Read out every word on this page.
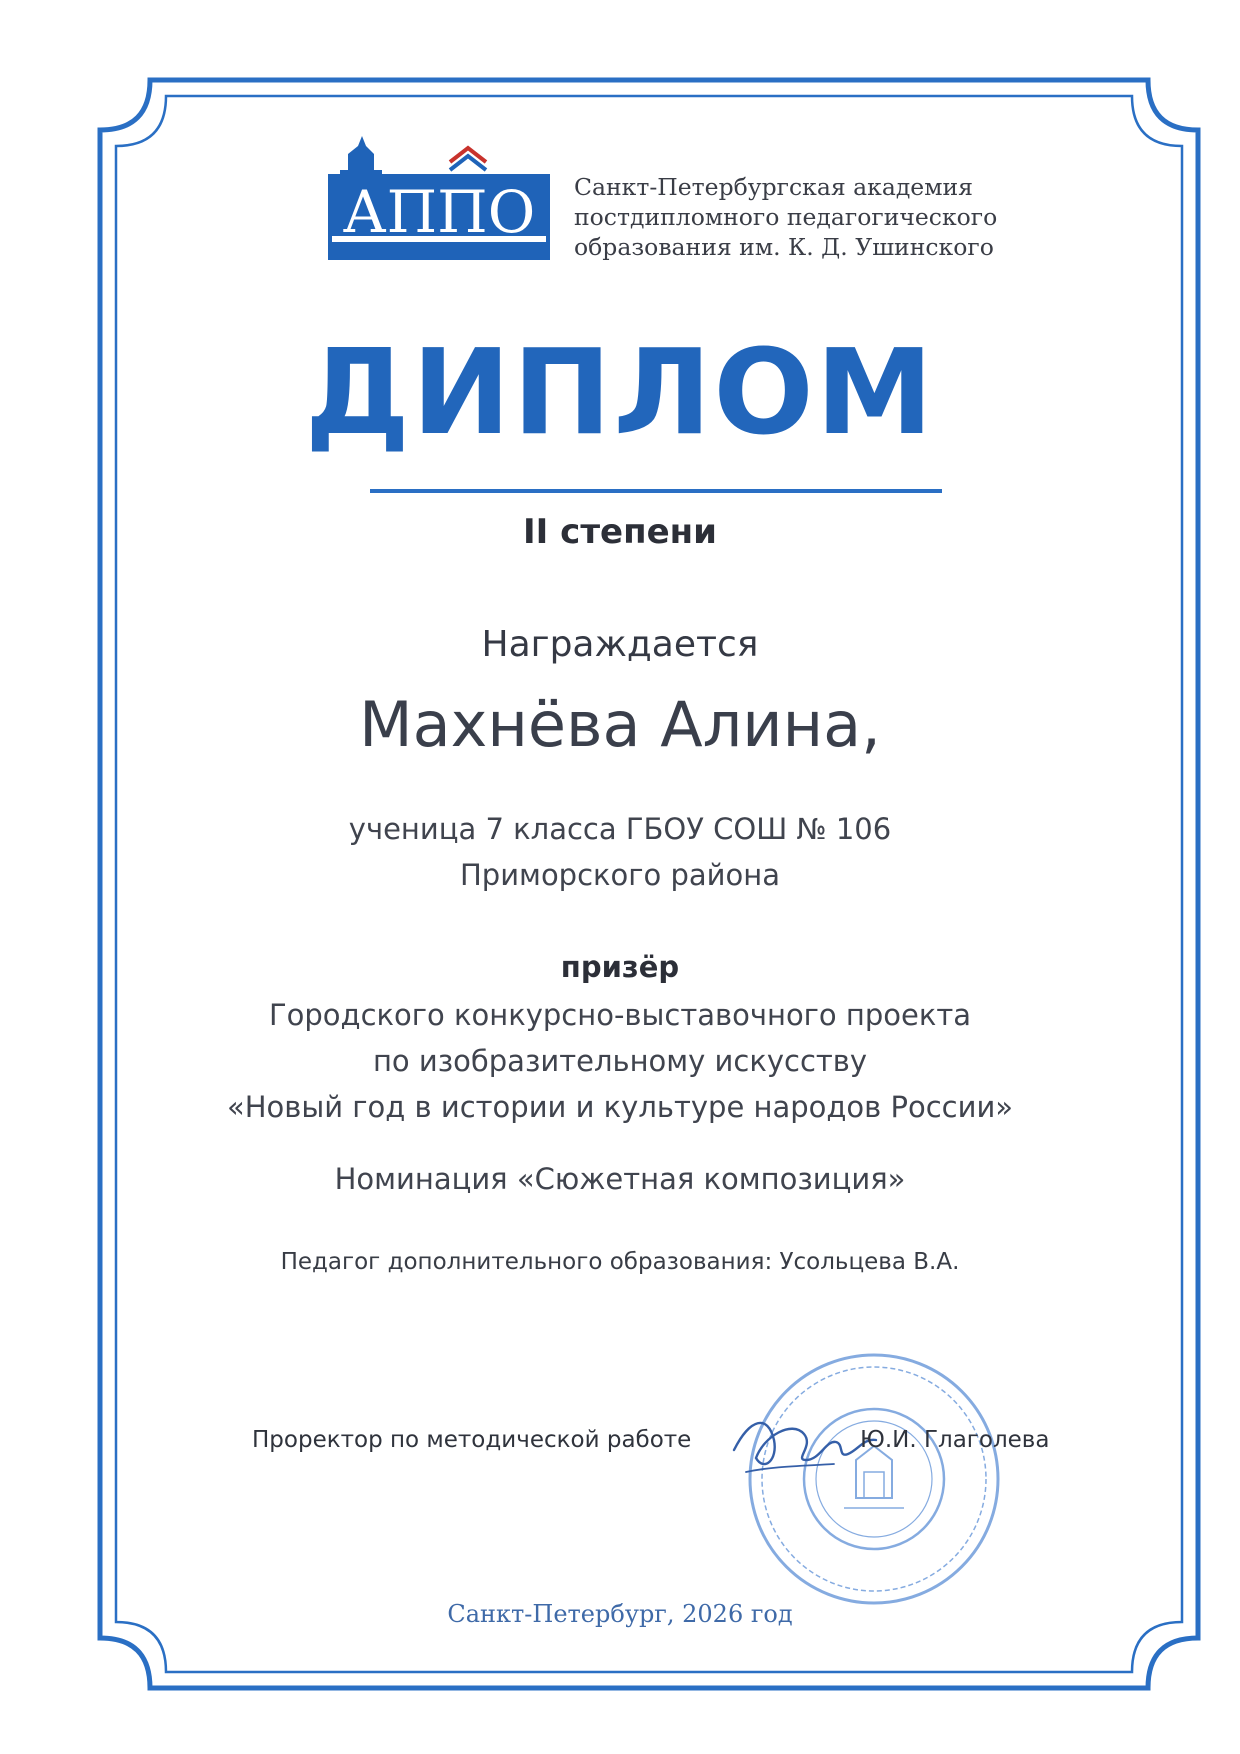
АППО Санкт-Петербургская академия
постдипломного педагогического
образования им. К. Д. Ушинского
ДИПЛОМ
II степени
Награждается
Махнёва Алина,
ученица 7 класса ГБОУ СОШ № 106
Приморского района
призёр
Городского конкурсно-выставочного проекта
по изобразительному искусству
«Новый год в истории и культуре народов России»
Номинация «Сюжетная композиция»
Педагог дополнительного образования: Усольцева В.А.
Проректор по методической работе	Ю.И. Глаголева
Санкт-Петербург, 2026 год
